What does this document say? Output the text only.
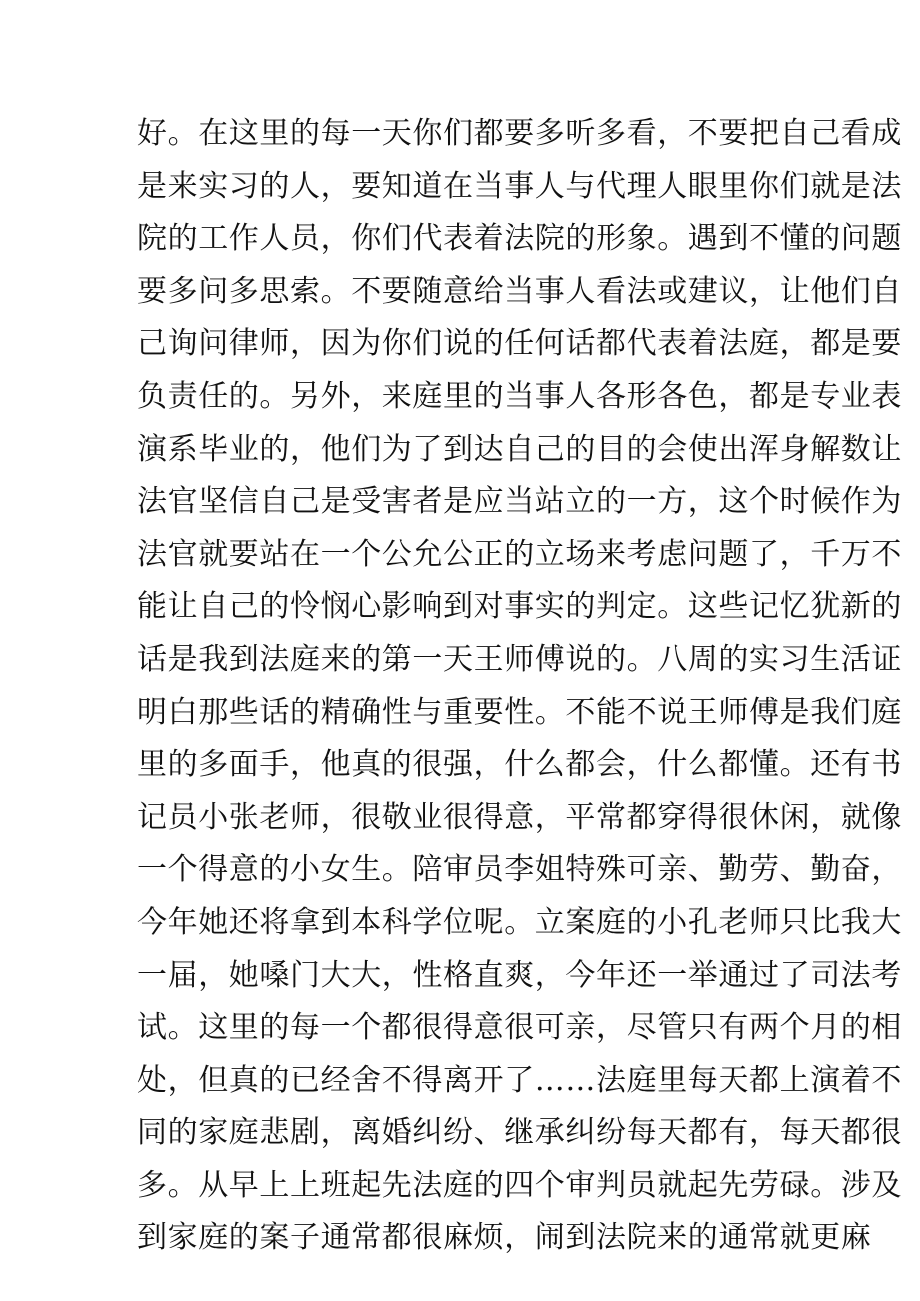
好。在这里的每一天你们都要多听多看，不要把自己看成
是来实习的人，要知道在当事人与代理人眼里你们就是法
院的工作人员，你们代表着法院的形象。遇到不懂的问题
要多问多思索。不要随意给当事人看法或建议，让他们自
己询问律师，因为你们说的任何话都代表着法庭，都是要
负责任的。另外，来庭里的当事人各形各色，都是专业表
演系毕业的，他们为了到达自己的目的会使出浑身解数让
法官坚信自己是受害者是应当站立的一方，这个时候作为
法官就要站在一个公允公正的立场来考虑问题了，千万不
能让自己的怜悯心影响到对事实的判定。这些记忆犹新的
话是我到法庭来的第一天王师傅说的。八周的实习生活证
明白那些话的精确性与重要性。不能不说王师傅是我们庭
里的多面手，他真的很强，什么都会，什么都懂。还有书
记员小张老师，很敬业很得意，平常都穿得很休闲，就像
一个得意的小女生。陪审员李姐特殊可亲、勤劳、勤奋，
今年她还将拿到本科学位呢。立案庭的小孔老师只比我大
一届，她嗓门大大，性格直爽，今年还一举通过了司法考
试。这里的每一个都很得意很可亲，尽管只有两个月的相
处，但真的已经舍不得离开了……法庭里每天都上演着不
同的家庭悲剧，离婚纠纷、继承纠纷每天都有，每天都很
多。从早上上班起先法庭的四个审判员就起先劳碌。涉及
到家庭的案子通常都很麻烦，闹到法院来的通常就更麻
